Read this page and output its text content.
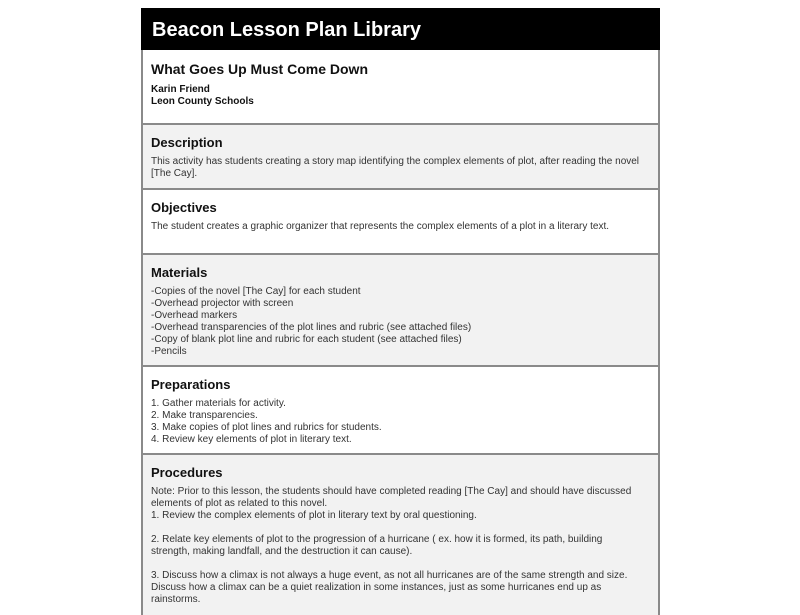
Beacon Lesson Plan Library
What Goes Up Must Come Down
Karin Friend
Leon County Schools
Description
This activity has students creating a story map identifying the complex elements of plot, after reading the novel
[The Cay].
Objectives
The student creates a graphic organizer that represents the complex elements of a plot in a literary text.
Materials
-Copies of the novel [The Cay] for each student
-Overhead projector with screen
-Overhead markers
-Overhead transparencies of the plot lines and rubric (see attached files)
-Copy of blank plot line and rubric for each student (see attached files)
-Pencils
Preparations
1. Gather materials for activity.
2. Make transparencies.
3. Make copies of plot lines and rubrics for students.
4. Review key elements of plot in literary text.
Procedures
Note: Prior to this lesson, the students should have completed reading [The Cay] and should have discussed
elements of plot as related to this novel.
1. Review the complex elements of plot in literary text by oral questioning.
2. Relate key elements of plot to the progression of a hurricane ( ex. how it is formed, its path, building
strength, making landfall, and the destruction it can cause).
3. Discuss how a climax is not always a huge event, as not all hurricanes are of the same strength and size.
Discuss how a climax can be a quiet realization in some instances, just as some hurricanes end up as
rainstorms.
